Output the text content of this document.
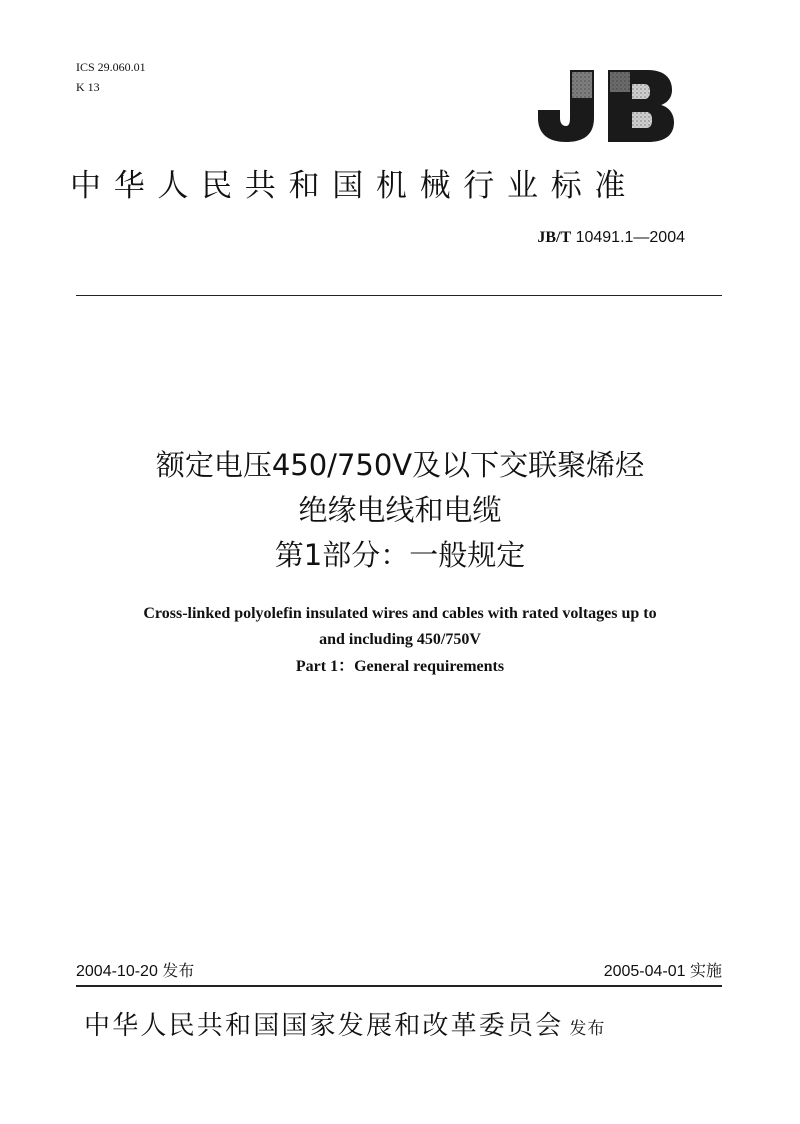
ICS 29.060.01
K 13
中华人民共和国机械行业标准
JB/T 10491.1—2004
额定电压450/750V及以下交联聚烯烃
绝缘电线和电缆
第1部分：一般规定
Cross-linked polyolefin insulated wires and cables with rated voltages up to
and including 450/750V
Part 1：General requirements
2004-10-20 发布	2005-04-01 实施
中华人民共和国国家发展和改革委员会 发布
